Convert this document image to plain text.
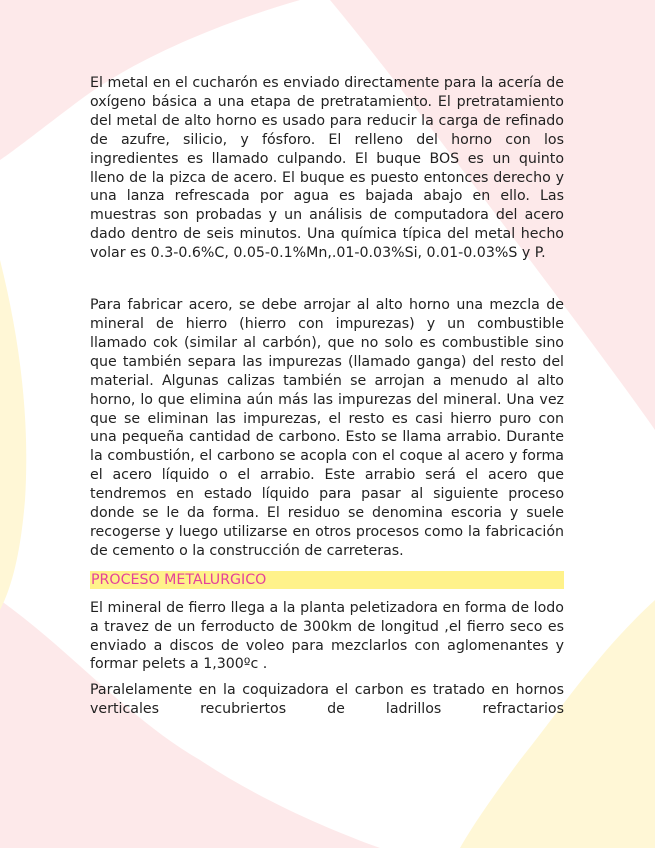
El metal en el cucharón es enviado directamente para la acería de oxígeno básica a una etapa de pretratamiento. El pretratamiento del metal de alto horno es usado para reducir la carga de refinado de azufre, silicio, y fósforo. El relleno del horno con los ingredientes es llamado culpando. El buque BOS es un quinto lleno de la pizca de acero. El buque es puesto entonces derecho y una lanza refrescada por agua es bajada abajo en ello. Las muestras son probadas y un análisis de computadora del acero dado dentro de seis minutos. Una química típica del metal hecho volar es 0.3-0.6%C, 0.05-0.1%Mn,.01-0.03%Si, 0.01-0.03%S y P.

Para fabricar acero, se debe arrojar al alto horno una mezcla de mineral de hierro (hierro con impurezas) y un combustible llamado cok (similar al carbón), que no solo es combustible sino que también separa las impurezas (llamado ganga) del resto del material. Algunas calizas también se arrojan a menudo al alto horno, lo que elimina aún más las impurezas del mineral. Una vez que se eliminan las impurezas, el resto es casi hierro puro con una pequeña cantidad de carbono. Esto se llama arrabio. Durante la combustión, el carbono se acopla con el coque al acero y forma el acero líquido o el arrabio. Este arrabio será el acero que tendremos en estado líquido para pasar al siguiente proceso donde se le da forma. El residuo se denomina escoria y suele recogerse y luego utilizarse en otros procesos como la fabricación de cemento o la construcción de carreteras.

PROCESO METALURGICO

El mineral de fierro llega a la planta peletizadora en forma de lodo a travez de un ferroducto de 300km de longitud ,el fierro seco es enviado a discos de voleo para mezclarlos con aglomenantes y formar pelets a 1,300ºc .

Paralelamente en la coquizadora el carbon es tratado en hornos verticales recubriertos de ladrillos refractarios
